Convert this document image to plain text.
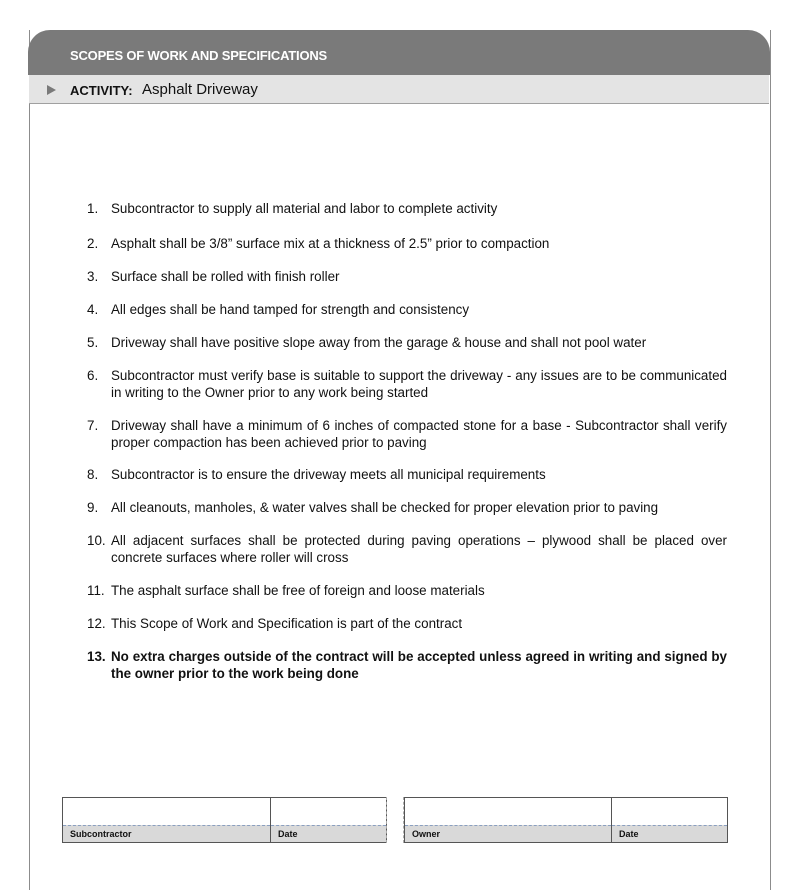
SCOPES OF WORK AND SPECIFICATIONS
ACTIVITY: Asphalt Driveway
1. Subcontractor to supply all material and labor to complete activity
2. Asphalt shall be 3/8” surface mix at a thickness of 2.5” prior to compaction
3. Surface shall be rolled with finish roller
4. All edges shall be hand tamped for strength and consistency
5. Driveway shall have positive slope away from the garage & house and shall not pool water
6. Subcontractor must verify base is suitable to support the driveway - any issues are to be communicated in writing to the Owner prior to any work being started
7. Driveway shall have a minimum of 6 inches of compacted stone for a base - Subcontractor shall verify proper compaction has been achieved prior to paving
8. Subcontractor is to ensure the driveway meets all municipal requirements
9. All cleanouts, manholes, & water valves shall be checked for proper elevation prior to paving
10. All adjacent surfaces shall be protected during paving operations – plywood shall be placed over concrete surfaces where roller will cross
11. The asphalt surface shall be free of foreign and loose materials
12. This Scope of Work and Specification is part of the contract
13. No extra charges outside of the contract will be accepted unless agreed in writing and signed by the owner prior to the work being done
Subcontractor	Date	Owner	Date
